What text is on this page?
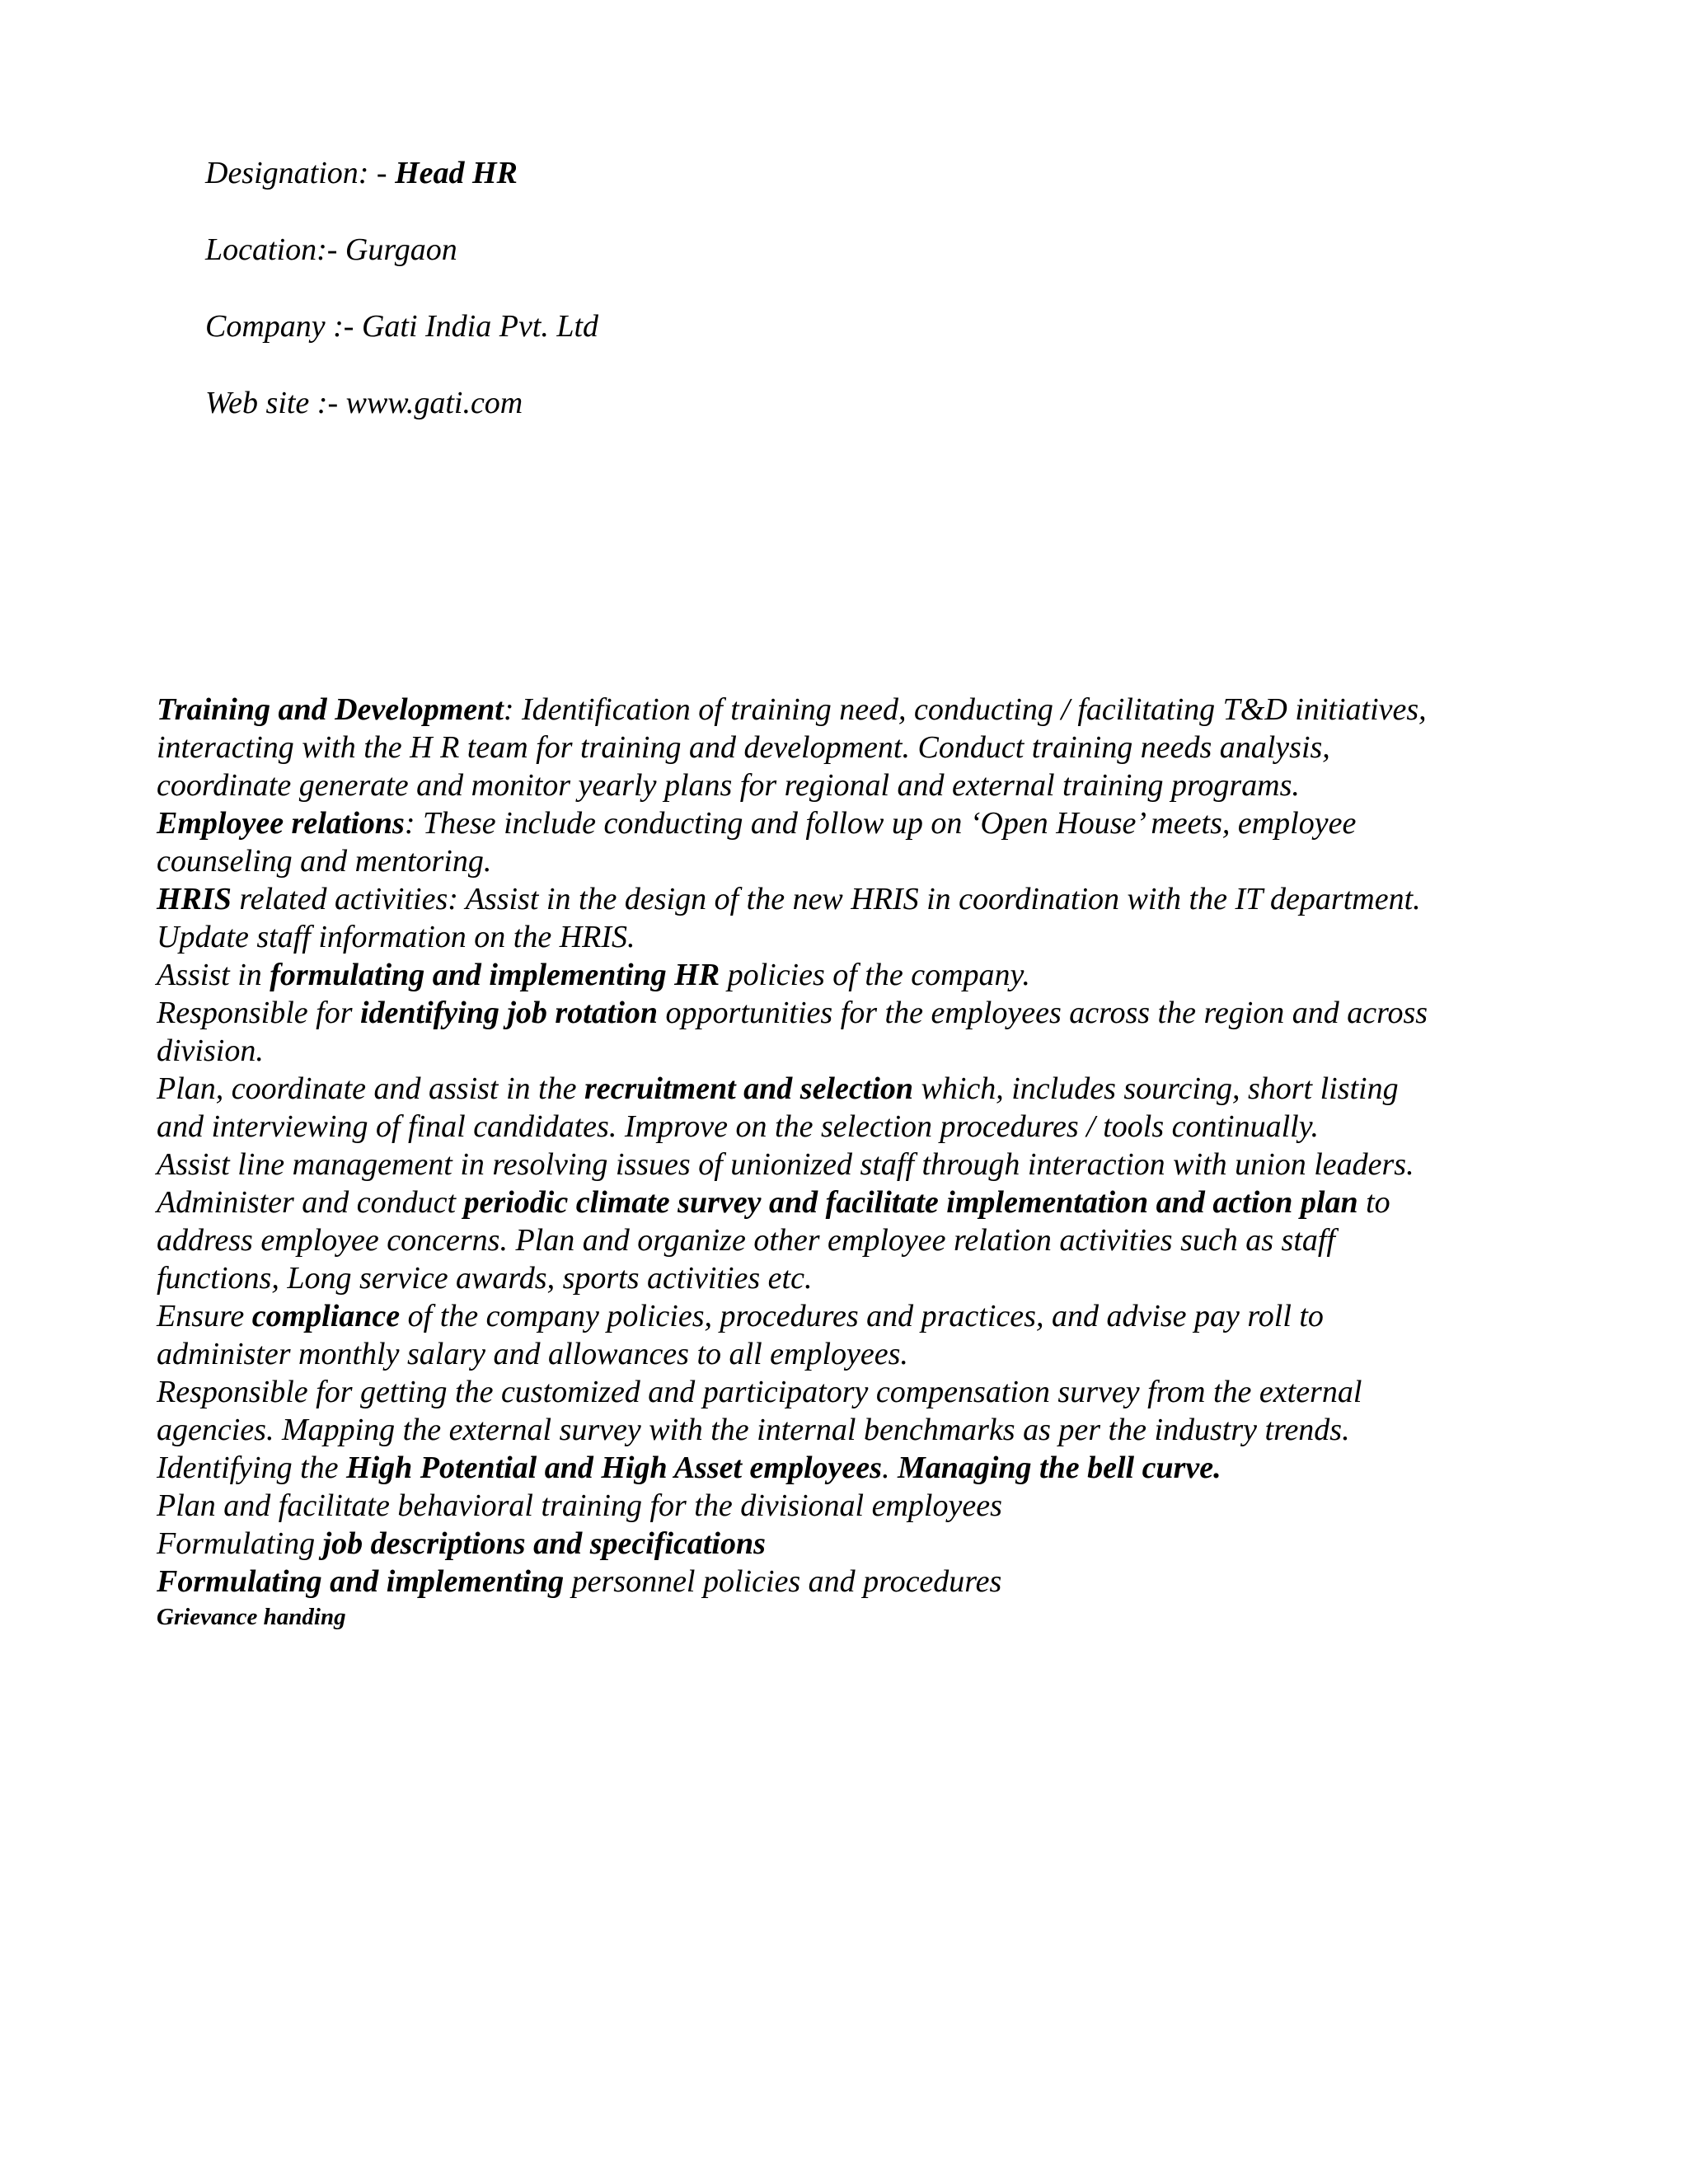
Designation: - Head HR
Location:- Gurgaon
Company :- Gati India Pvt. Ltd
Web site :- www.gati.com
Training and Development: Identification of training need, conducting / facilitating T&D initiatives,
interacting with the H R team for training and development. Conduct training needs analysis,
coordinate generate and monitor yearly plans for regional and external training programs.
Employee relations: These include conducting and follow up on ‘Open House’ meets, employee
counseling and mentoring.
HRIS related activities: Assist in the design of the new HRIS in coordination with the IT department.
Update staff information on the HRIS.
Assist in formulating and implementing HR policies of the company.
Responsible for identifying job rotation opportunities for the employees across the region and across
division.
Plan, coordinate and assist in the recruitment and selection which, includes sourcing, short listing
and interviewing of final candidates. Improve on the selection procedures / tools continually.
Assist line management in resolving issues of unionized staff through interaction with union leaders.
Administer and conduct periodic climate survey and facilitate implementation and action plan to
address employee concerns. Plan and organize other employee relation activities such as staff
functions, Long service awards, sports activities etc.
Ensure compliance of the company policies, procedures and practices, and advise pay roll to
administer monthly salary and allowances to all employees.
Responsible for getting the customized and participatory compensation survey from the external
agencies. Mapping the external survey with the internal benchmarks as per the industry trends.
Identifying the High Potential and High Asset employees. Managing the bell curve.
Plan and facilitate behavioral training for the divisional employees
Formulating job descriptions and specifications
Formulating and implementing personnel policies and procedures
Grievance handing
